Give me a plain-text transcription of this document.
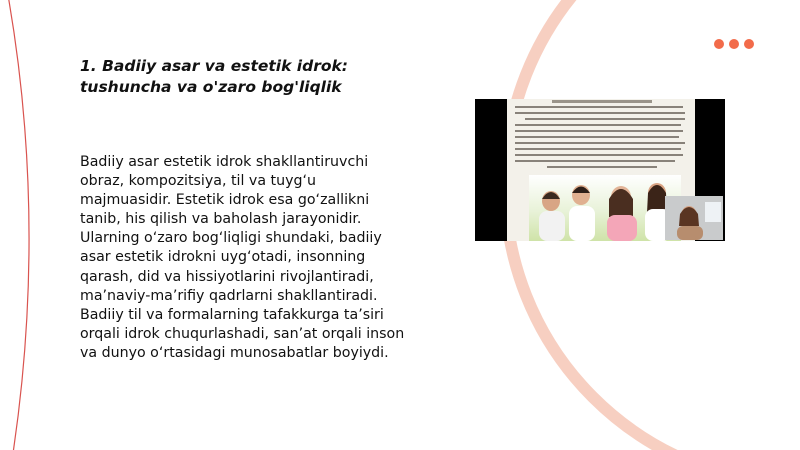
1. Badiiy asar va estetik idrok: tushuncha va o'zaro bog'liqlik
Badiiy asar estetik idrok shakllantiruvchi obraz, kompozitsiya, til va tuyg‘u majmuasidir. Estetik idrok esa go‘zallikni tanib, his qilish va baholash jarayonidir. Ularning o‘zaro bog‘liqligi shundaki, badiiy asar estetik idrokni uyg‘otadi, insonning qarash, did va hissiyotlarini rivojlantiradi, ma’naviy-ma’rifiy qadrlarni shakllantiradi. Badiiy til va formalarning tafakkurga ta’siri orqali idrok chuqurlashadi, san’at orqali inson va dunyo o‘rtasidagi munosabatlar boyiydi.
